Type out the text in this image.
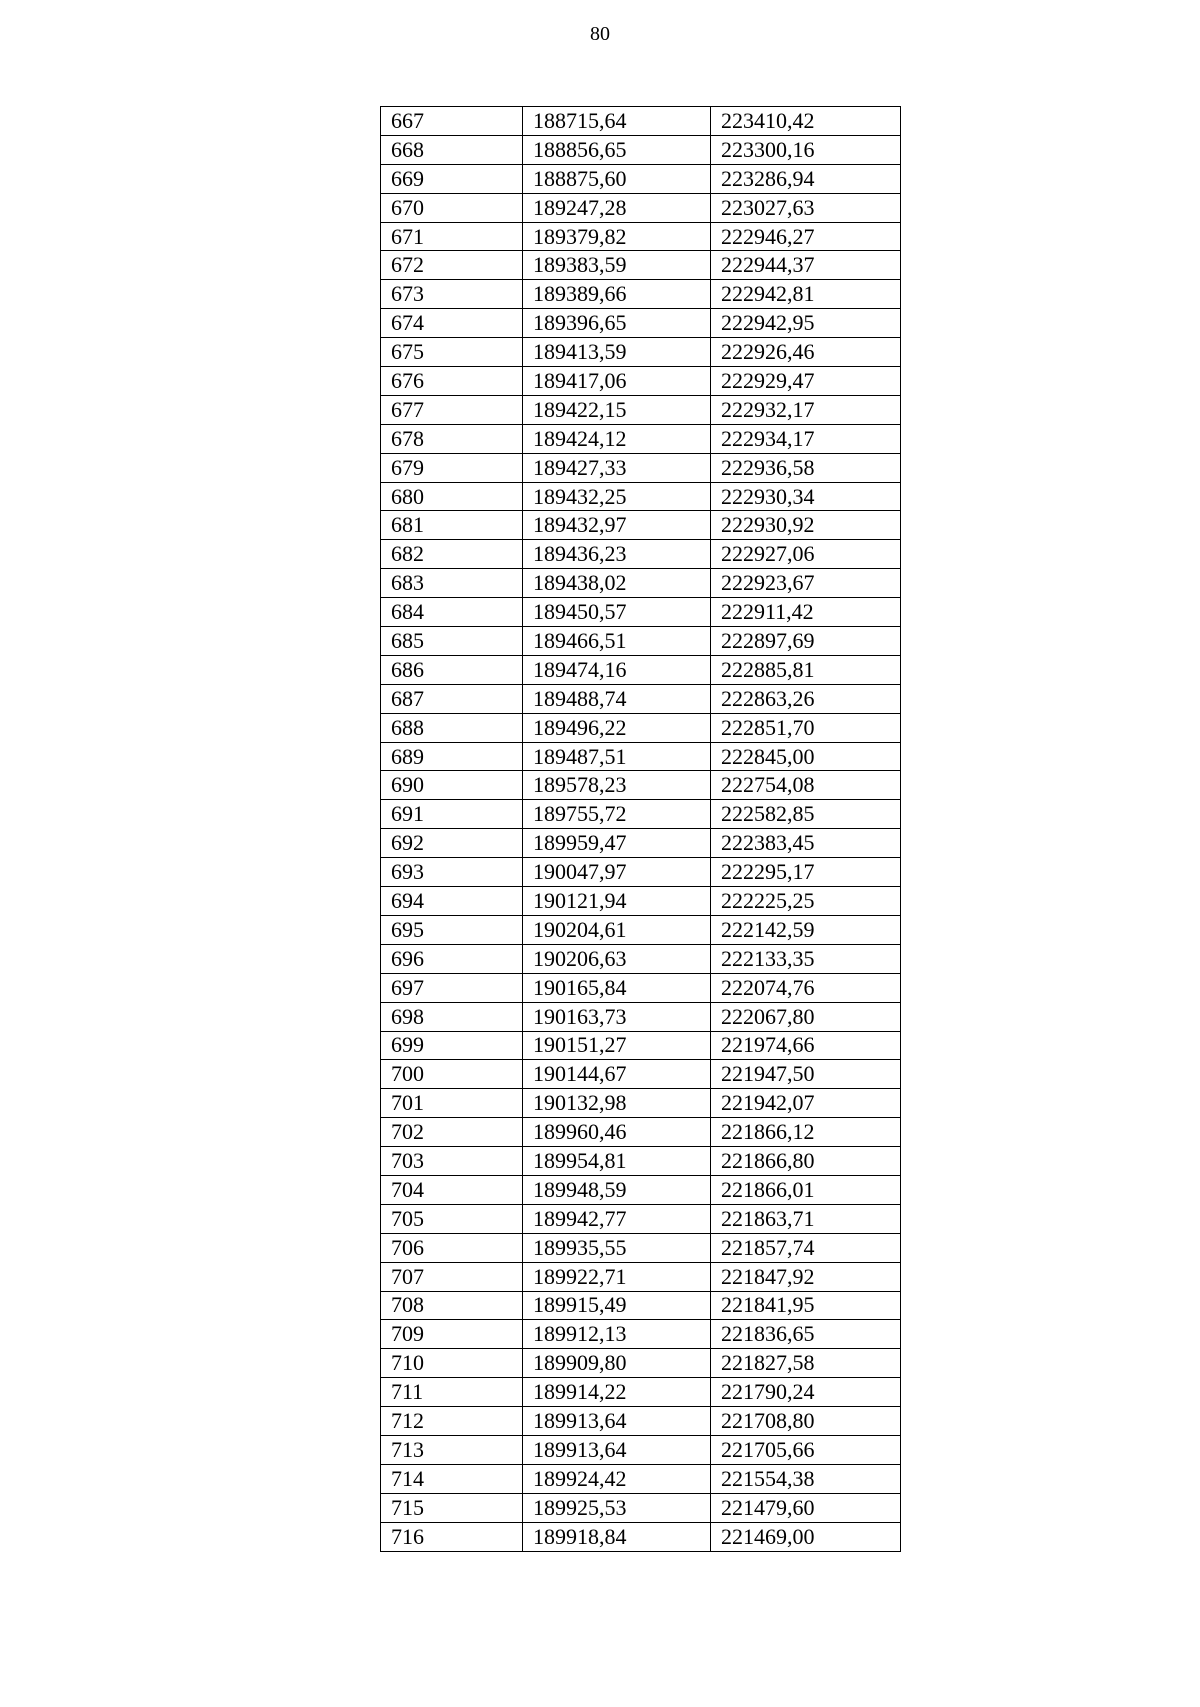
80
667	188715,64	223410,42
668	188856,65	223300,16
669	188875,60	223286,94
670	189247,28	223027,63
671	189379,82	222946,27
672	189383,59	222944,37
673	189389,66	222942,81
674	189396,65	222942,95
675	189413,59	222926,46
676	189417,06	222929,47
677	189422,15	222932,17
678	189424,12	222934,17
679	189427,33	222936,58
680	189432,25	222930,34
681	189432,97	222930,92
682	189436,23	222927,06
683	189438,02	222923,67
684	189450,57	222911,42
685	189466,51	222897,69
686	189474,16	222885,81
687	189488,74	222863,26
688	189496,22	222851,70
689	189487,51	222845,00
690	189578,23	222754,08
691	189755,72	222582,85
692	189959,47	222383,45
693	190047,97	222295,17
694	190121,94	222225,25
695	190204,61	222142,59
696	190206,63	222133,35
697	190165,84	222074,76
698	190163,73	222067,80
699	190151,27	221974,66
700	190144,67	221947,50
701	190132,98	221942,07
702	189960,46	221866,12
703	189954,81	221866,80
704	189948,59	221866,01
705	189942,77	221863,71
706	189935,55	221857,74
707	189922,71	221847,92
708	189915,49	221841,95
709	189912,13	221836,65
710	189909,80	221827,58
711	189914,22	221790,24
712	189913,64	221708,80
713	189913,64	221705,66
714	189924,42	221554,38
715	189925,53	221479,60
716	189918,84	221469,00
